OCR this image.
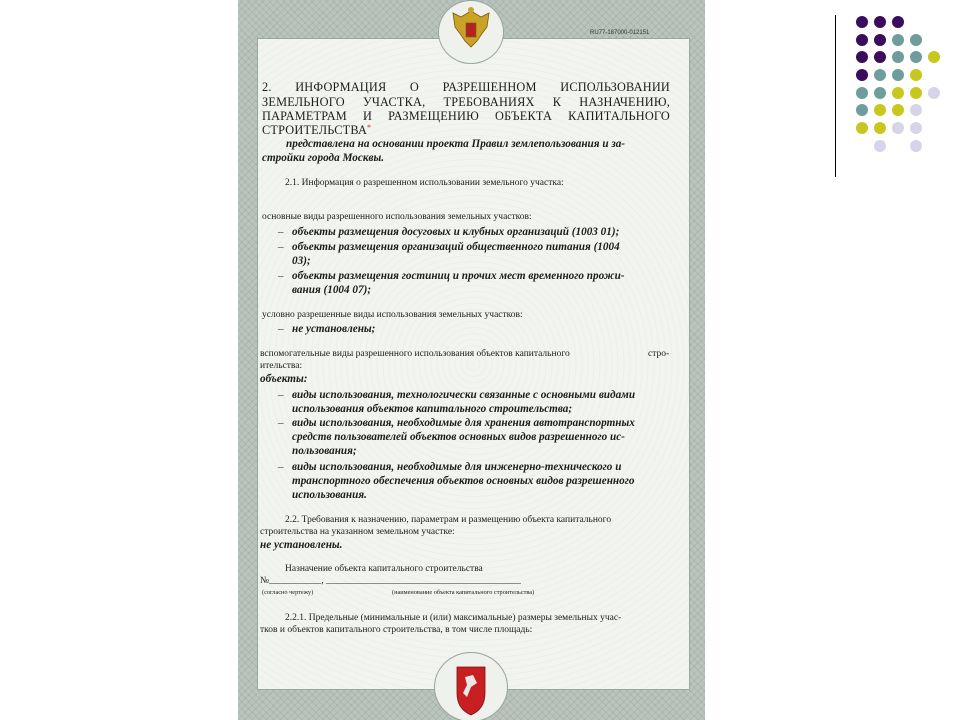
RU77-187000-012151
2. ИНФОРМАЦИЯ О РАЗРЕШЕННОМ ИСПОЛЬЗОВАНИИ
ЗЕМЕЛЬНОГО УЧАСТКА, ТРЕБОВАНИЯХ К НАЗНАЧЕНИЮ,
ПАРАМЕТРАМ И РАЗМЕЩЕНИЮ ОБЪЕКТА КАПИТАЛЬНОГО
СТРОИТЕЛЬСТВА*
представлена на основании проекта Правил землепользования и за-
стройки города Москвы.
2.1. Информация о разрешенном использовании земельного участка:
основные виды разрешенного использования земельных участков:
– объекты размещения досуговых и клубных организаций (1003 01);
– объекты размещения организаций общественного питания (1004
03);
– объекты размещения гостиниц и прочих мест временного прожи-
вания (1004 07);
условно разрешенные виды использования земельных участков:
– не установлены;
вспомогательные виды разрешенного использования объектов капитального	стро-
ительства:
объекты:
– виды использования, технологически связанные с основными видами
использования объектов капитального строительства;
– виды использования, необходимые для хранения автотранспортных
средств пользователей объектов основных видов разрешенного ис-
пользования;
– виды использования, необходимые для инженерно-технического и
транспортного обеспечения объектов основных видов разрешенного
использования.
2.2. Требования к назначению, параметрам и размещению объекта капитального
строительства на указанном земельном участке:
не установлены.
Назначение объекта капитального строительства
№___________, _________________________________________
(согласно чертежу)	(наименование объекта капитального строительства)
2.2.1. Предельные (минимальные и (или) максимальные) размеры земельных учас-
тков и объектов капитального строительства, в том числе площадь:
